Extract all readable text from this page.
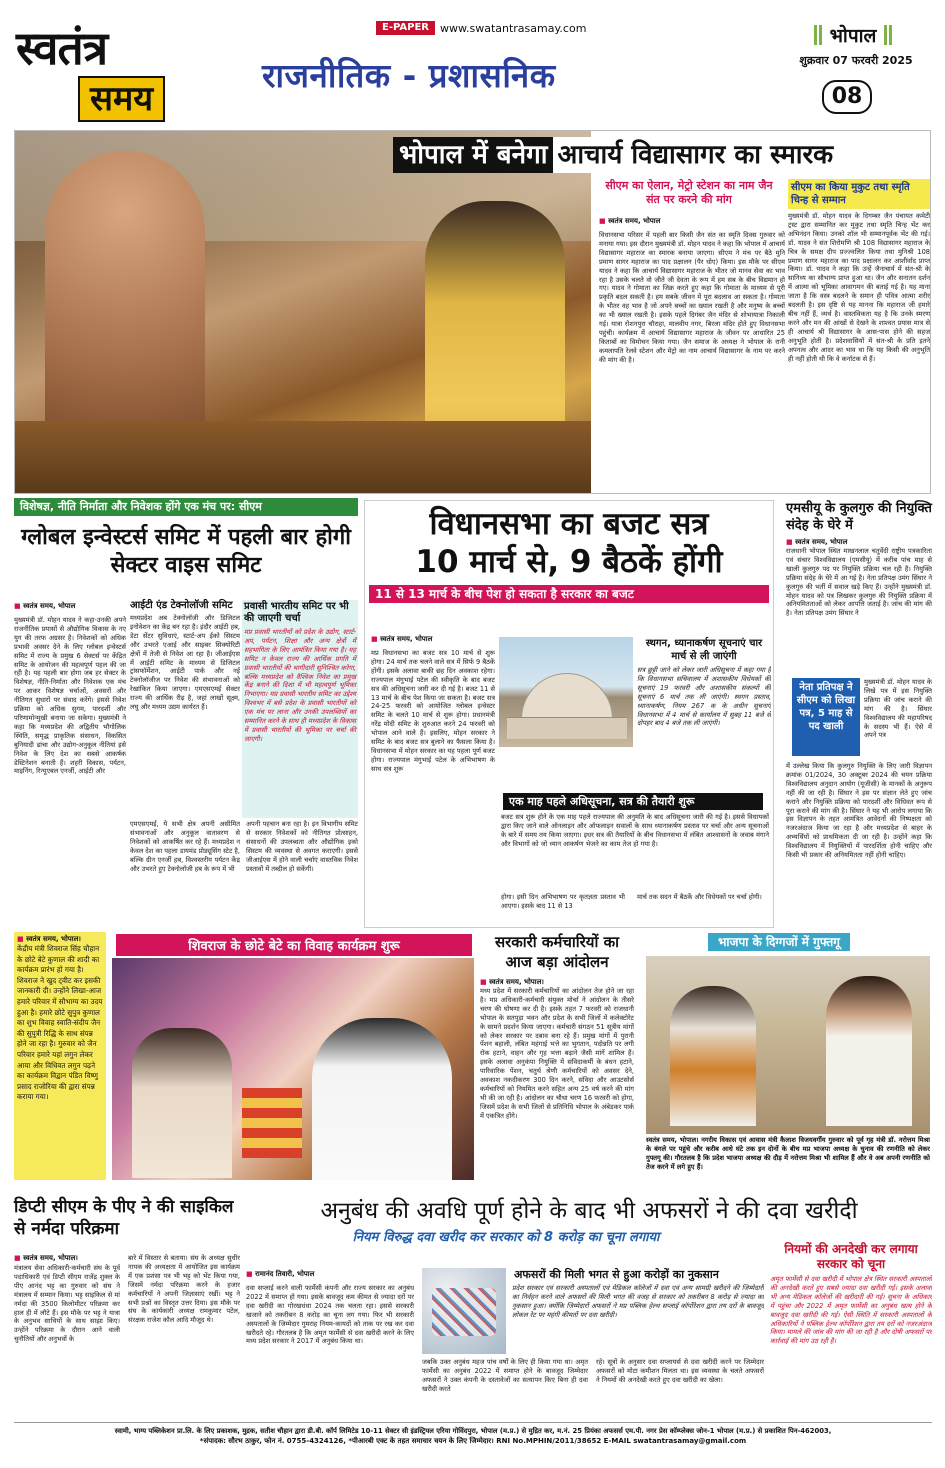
स्वतंत्र
समय
E-PAPER	www.swatantrasamay.com
राजनीतिक - प्रशासनिक
भोपाल
शुक्रवार 07 फरवरी 2025
08
भोपाल में बनेगा आचार्य विद्यासागर का स्मारक
सीएम का ऐलान, मेट्रो स्टेशन का नाम जैन संत पर करने की मांग
■ स्वतंत्र समय, भोपाल
विधानसभा परिसर में पहली बार किसी जैन संत का स्मृति दिवस गुरुवार को मनाया गया। इस दौरान मुख्यमंत्री डॉ. मोहन यादव ने कहा कि भोपाल में आचार्य विद्यासागर महाराज का स्मारक बनाया जाएगा। सीएम ने मंच पर बैठे मुनि प्रमाण सागर महाराज का पाद प्रक्षालन (पैर धोए) किया। इस मौके पर सीएम यादव ने कहा कि आचार्य विद्यासागर महाराज के भीतर जो मानव सेवा का भाव रहा है उसके चलते वो जीते जी देवता के रूप में हम सब के बीच विद्यमान हो गए। यादव ने गोमाता का जिक्र करते हुए कहा कि गोमाता के माध्यम से पूरी प्रकृति बदल सकती है। हम सबके जीवन में पूरा बदलाव आ सकता है। गोमाता के भीतर वह भाव है जो अपने बच्चों का ख्याल रखती है और मनुष्य के बच्चों का भी ख्याल रखती है। इसके पहले दिगंबर जैन मंदिर से शोभायात्रा निकाली गई। यात्रा रोशनपुरा चौराहा, मालवीय नगर, बिरला मंदिर होते हुए विधानसभा पहुंची। कार्यक्रम में आचार्य विद्यासागर महाराज के जीवन पर आधारित 25 किताबों का विमोचन किया गया। जैन समाज के अध्यक्ष ने भोपाल के रानी कमलापति रेलवे स्टेशन और मेट्रो का नाम आचार्य विद्यासागर के नाम पर करने की मांग की है।
सीएम का किया मुकुट तथा स्मृति चिन्ह से सम्मान
मुख्यमंत्री डॉ. मोहन यादव के दिगम्बर जैन पंचायत कमेटी ट्रस्ट द्वारा सम्मानित कर मुकुट तथा स्मृति चिन्ह भेंट कर अभिनंदन किया। उनको शॉल भी सम्मानपूर्वक भेंट की गई। डॉ. यादव ने संत शिरोमणि श्री 108 विद्यासागर महाराज के चित्र के समक्ष दीप प्रज्ज्वलित किया तथा मुनिश्री 108 प्रमाण सागर महाराज का पाद प्रक्षालन कर आशीर्वाद प्राप्त किया। डॉ. यादव ने कहा कि उन्हें जैनाचार्य में संत-श्री के सानिध्य का सौभाग्य प्राप्त हुआ था। जैन और सनातन दर्शन में आत्मा को भूमिका आवागमन की बताई गई है। यह माना जाता है कि वस्त्र बदलने के समान ही पवित्र आत्मा शरीर बदलती है। इस दृष्टि से यह मानना कि महाराज जी हमारे बीच नहीं हैं, व्यर्थ है। वास्तविकता यह है कि उनके स्मरण करने और मन की आंखों से देखने के शाश्वत प्रयास मात्र से ही आचार्य श्री विद्यासागर के आस-पास होने की सहज अनुभूति होती है। प्रदेशवासियों में संत-श्री के प्रति इतने अपनत्व और आदर का भाव था कि यह किसी की अनुभूति ही नहीं होती थी कि वे कर्नाटक से हैं।
विशेषज्ञ, नीति निर्माता और निवेशक होंगे एक मंच पर: सीएम
ग्लोबल इन्वेस्टर्स समिट में पहली बार होगी सेक्टर वाइस समिट
■ स्वतंत्र समय, भोपाल
मुख्यमंत्री डॉ. मोहन यादव ने कहा-उनकी अपने राजनीतिक प्रयासों से औद्योगिक विकास के नए युग की तरफ अग्रसर है। निवेशकों को अधिक प्रभावी अवसर देने के लिए ग्लोबल इन्वेस्टर्स समिट में राज्य के प्रमुख 6 सेक्टर्स पर केंद्रित समिट के आयोजन की महत्वपूर्ण पहल की जा रही है। यह पहली बार होगा जब हर सेक्टर के विशेषज्ञ, नीति-निर्माता और निवेशक एक मंच पर आकर विशेषज्ञ चर्चाओं, अवसरों और नीतिगत सुधारों पर संवाद करेंगे। इससे निवेश प्रक्रिया को अधिक सुगम, पारदर्शी और परिणामोन्मुखी बनाया जा सकेगा। मुख्यमंत्री ने कहा कि मध्यप्रदेश की अद्वितीय भौगोलिक स्थिति, समृद्ध प्राकृतिक संसाधन, विकसित बुनियादी ढांचा और उद्योग-अनुकूल नीतियां इसे निवेश के लिए देश का सबसे आकर्षक डेस्टिनेशन बनाती हैं। शहरी विकास, पर्यटन, माइनिंग, रिन्यूएबल एनर्जी, आईटी और
आईटी एंड टेक्नोलॉजी समिट
मध्यप्रदेश अब टेक्नोलॉजी और डिजिटल इनोवेशन का केंद्र बन रहा है। इंदौर आईटी हब, डेटा सेंटर सुविधाएं, स्टार्ट-अप ईको सिस्टम और उभरते एआई और साइबर सिक्योरिटी क्षेत्रों में तेजी से निवेश आ रहा है। जीआईएस में आईटी समिट के माध्यम से डिजिटल ट्रांसफॉर्मेशन, आईटी पार्क और नई टेक्नोलॉजीज पर निवेश की संभावनाओं को रेखांकित किया जाएगा। एमएसएमई सेक्टर राज्य की आर्थिक रीढ़ है, जहां लाखों सूक्ष्म, लघु और मध्यम उद्यम कार्यरत हैं।
प्रवासी भारतीय समिट पर भी की जाएगी चर्चा
मप्र प्रवासी भारतीयों को प्रदेश के उद्योग, स्टार्ट-अप, पर्यटन, शिक्षा और अन्य क्षेत्रों में सहभागिता के लिए आमंत्रित किया गया है। यह समिट न केवल राज्य की आर्थिक प्रगति में प्रवासी भारतीयों की भागीदारी सुनिश्चित करेगा, बल्कि मध्यप्रदेश को वैश्विक निवेश का प्रमुख केंद्र बनाने की दिशा में भी महत्वपूर्ण भूमिका निभाएगा। मप्र प्रवासी भारतीय समिट का उद्देश्य विश्वभर में बसे प्रदेश के प्रवासी भारतीयों को एक मंच पर लाना और उनकी उपलब्धियों का सम्मानित करने के साथ ही मध्यप्रदेश के विकास में प्रवासी भारतीयों की भूमिका पर चर्चा की जाएगी।
एमएसएमई, ये सभी क्षेत्र अपनी असीमित संभावनाओं और अनुकूल वातावरण से निवेशकों को आकर्षित कर रहे हैं। मध्यप्रदेश न केवल देश का पहला डायमंड प्रोड्यूसिंग स्टेट है, बल्कि ग्रीन एनर्जी हब, विश्वस्तरीय पर्यटन केंद्र और उभरते हुए टेक्नोलॉजी हब के रूप में भी
अपनी पहचान बना रहा है। इन विभागीय समिट से सरकार निवेशकों को नीतिगत प्रोत्साहन, संसाधनों की उपलब्धता और औद्योगिक इको सिस्टम की व्यवस्था से अवगत कराएगी। इससे जीआईएस में होने वाली चर्चाएं वास्तविक निवेश प्रस्तावों में तब्दील हो सकेंगी।
विधानसभा का बजट सत्र
10 मार्च से, 9 बैठकें होंगी
11 से 13 मार्च के बीच पेश हो सकता है सरकार का बजट
■ स्वतंत्र समय, भोपाल
मप्र विधानसभा का बजट सत्र 10 मार्च से शुरू होगा। 24 मार्च तक चलने वाले सत्र में सिर्फ 9 बैठकें होंगी। इसके अलावा बाकी छह दिन अवकाश रहेगा। राज्यपाल मंगुभाई पटेल की स्वीकृति के बाद बजट सत्र की अधिसूचना जारी कर दी गई है। बजट 11 से 13 मार्च के बीच पेश किया जा सकता है। बजट सत्र 24-25 फरवरी को आयोजित ग्लोबल इन्वेस्टर समिट के चलते 10 मार्च से शुरू होगा। प्रधानमंत्री नरेंद्र मोदी समिट के शुरुआत करने 24 फरवरी को भोपाल आने वाले हैं। इसलिए, मोहन सरकार ने समिट के बाद बजट सत्र बुलाने का फैसला किया है। विधानसभा में मोहन सरकार का यह पहला पूर्ण बजट होगा। राज्यपाल मंगुभाई पटेल के अभिभाषण के साथ सत्र शुरू
स्थगन, ध्यानाकर्षण सूचनाएं चार मार्च से ली जाएंगी
सत्र छुट्टी जाने को लेकर जारी अधिसूचना में कहा गया है कि विधानसभा सचिवालय में अशासकीय विधेयकों की सूचनाएं 19 फरवरी और अशासकीय संकल्पों की सूचनाएं 6 मार्च तक ली जाएंगी। स्थगन प्रस्ताव, ध्यानाकर्षण, नियम 267 क के अधीन सूचनाएं विधानसभा में 4 मार्च से कार्यालय में सुबह 11 बजे से दोपहर बाद 4 बजे तक ली जाएंगी।
एक माह पहले अधिसूचना, सत्र की तैयारी शुरू
बजट सत्र शुरू होने के एक माह पहले राज्यपाल की अनुमति के बाद अधिसूचना जारी की गई है। इससे विधायकों द्वारा किए जाने वाले ऑनलाइन और ऑफलाइन सवालों के साथ ध्यानाकर्षण प्रस्ताव पर चर्चा और अन्य सूचनाओं के बारे में समय तय किया जाएगा। इधर सत्र की तैयारियों के बीच विधानसभा में लंबित आश्वासनों के जवाब मंगाने और विभागों को जो ध्यान आकर्षण भेजने का काम तेज हो गया है।
होगा। इसी दिन अभिभाषण पर कृतज्ञता प्रस्ताव भी आएगा। इसके बाद 11 से 13
मार्च तक सदन में बैठकें और विधेयकों पर चर्चा होगी।
एमसीयू के कुलगुरु की नियुक्ति संदेह के घेरे में
■ स्वतंत्र समय, भोपाल
राजधानी भोपाल स्थित माखनलाल चतुर्वेदी राष्ट्रीय पत्रकारिता एवं संचार विश्वविद्यालय (एमसीयू) में करीब पांच माह से खाली कुलगुरु पद पर नियुक्ति प्रक्रिया चल रही है। नियुक्ति प्रक्रिया संदेह के घेरे में आ गई है। नेता प्रतिपक्ष उमंग सिंघार ने कुलगुरु की भर्ती में सवाल खड़े किए हैं। उन्होंने मुख्यमंत्री डॉ. मोहन यादव को पत्र लिखकर कुलगुरु की नियुक्ति प्रक्रिया में अनियमितताओं को लेकर आपत्ति जताई है। जांच की मांग की है। नेता प्रतिपक्ष उमंग सिंघार ने
नेता प्रतिपक्ष ने सीएम को लिखा पत्र, 5 माह से पद खाली
मुख्यमंत्री डॉ. मोहन यादव के लिखे पत्र में इस नियुक्ति प्रक्रिया की जांच कराने की मांग की है। सिंघार विश्वविद्यालय की महापरिषद के सदस्य भी हैं। ऐसे में अपने पत्र
में उल्लेख किया कि कुलगुरु नियुक्ति के लिए जारी विज्ञापन क्रमांक 01/2024, 30 अक्टूबर 2024 की चयन प्रक्रिया विश्वविद्यालय अनुदान आयोग (यूजीसी) के मानकों के अनुरूप नहीं की जा रही है। सिंघार ने इस पर संज्ञान लेते हुए जांच कराने और नियुक्ति प्रक्रिया को पारदर्शी और विधिवत रूप से पूरा कराने की मांग की है। सिंघार ने यह भी आरोप लगाया कि इस विज्ञापन के तहत आमंत्रित आवेदनों की निष्पक्षता को नजरअंदाज किया जा रहा है और मध्यप्रदेश से बाहर के अभ्यर्थियों को प्राथमिकता दी जा रही है। उन्होंने कहा कि विश्वविद्यालय में नियुक्तियों में पारदर्शिता होनी चाहिए और किसी भी प्रकार की अनियमितता नहीं होनी चाहिए।
■ स्वतंत्र समय, भोपाल।
केंद्रीय मंत्री शिवराज सिंह चौहान के छोटे बेटे कुणाल की शादी का कार्यक्रम प्रारंभ हो गया है। शिवराज ने खुद ट्वीट कर इसकी जानकारी दी। उन्होंने लिखा-आज हमारे परिवार में सौभाग्य का उदय हुआ है। हमारे छोटे सुपुत्र कुणाल का शुभ विवाह स्वाति-संदीप जैन की सुपुत्री रिद्धि के साथ संपन्न होने जा रहा है। गुरुवार को जैन परिवार हमारे यहां लगुन लेकर आया और विधिवत लगुन पढ़ने का कार्यक्रम विद्वान पंडित विष्णु प्रसाद राजोरिया की द्वारा संपन्न कराया गया।
शिवराज के छोटे बेटे का विवाह कार्यक्रम शुरू	सरकारी कर्मचारियों का आज बड़ा आंदोलन
■ स्वतंत्र समय, भोपाल।
मध्य प्रदेश में सरकारी कर्मचारियों का आंदोलन तेज होने जा रहा है। मप्र अधिकारी-कर्मचारी संयुक्त मोर्चा ने आंदोलन के तीसरे चरण की घोषणा कर दी है। इसके तहत 7 फरवरी को राजधानी भोपाल के सतपुड़ा भवन और प्रदेश के सभी जिलों में कलेक्टोरेट के सामने प्रदर्शन किया जाएगा। कर्मचारी संगठन 51 सूत्रीय मांगों को लेकर सरकार पर दबाव बना रहे हैं। प्रमुख मांगों में पुरानी पेंशन बहाली, लंबित महंगाई भत्ते का भुगतान, पदोन्नति पर लगी रोक हटाने, वाहन और गृह भत्ता बढ़ाने जैसी मांगें शामिल हैं। इसके अलावा अनुकंपा नियुक्ति में संविदाकर्मी के बंधन हटाने, पारिवारिक पेंशन, चतुर्थ श्रेणी कर्मचारियों को अवसर देने, अवकाश नकदीकरण 300 दिन करने, संविदा और आउटसोर्स कर्मचारियों को नियमित करने सहित अन्य 25 वर्ष करने की मांग भी की जा रही है। आंदोलन का चौथा चरण 16 फरवरी को होगा, जिसमें प्रदेश के सभी जिलों से प्रतिनिधि भोपाल के अंबेडकर पार्क में एकत्रित होंगे।
भाजपा के दिग्गजों में गुफ्तगू
स्वतंत्र समय, भोपाल। नगरीय विकास एवं आवास मंत्री कैलाश विजयवर्गीय गुरुवार को पूर्व गृह मंत्री डॉ. नरोत्तम मिश्रा के बंगले पर पहुंचे और करीब आधे घंटे तक इन दोनों के बीच मप्र भाजपा अध्यक्ष के चुनाव की रणनीति को लेकर गुफ्तगू की। गौरतलब है कि प्रदेश भाजपा अध्यक्ष की दौड़ में नरोत्तम मिश्रा भी शामिल हैं और वे अब अपनी रणनीति को तेज करने में लगे हुए हैं।
डिप्टी सीएम के पीए ने की साइकिल से नर्मदा परिक्रमा
■ स्वतंत्र समय, भोपाल।
मंत्रालय सेवा अधिकारी-कर्मचारी संघ के पूर्व पदाधिकारी एवं डिप्टी सीएम राजेंद्र शुक्ल के पीए आनंद भट्ट का गुरुवार को संघ ने मंत्रालय में सम्मान किया। भट्ट साइकिल से मां नर्मदा की 3500 किलोमीटर परिक्रमा कर हाल ही में लौटे हैं। इस मौके पर भट्ट ने यात्रा के अनुभव साथियों के साथ साझा किए। उन्होंने परिक्रमा के दौरान आने वाली चुनौतियों और अनुभवों के
बारे में विस्तार से बताया। संघ के अध्यक्ष सुधीर नायक की अध्यक्षता में आयोजित इस कार्यक्रम में एक प्रशंसा पत्र भी भट्ट को भेंट किया गया, जिसमें नर्मदा परिक्रमा करने के हजार कर्मचारियों ने अपनी जिज्ञासाएं रखीं। भट्ट ने सभी प्रश्नों का विस्तृत उत्तर दिया। इस मौके पर संघ के कार्यकारी अध्यक्ष रामकुमार पटेल, संरक्षक राजेश कौल आदि मौजूद थे।
अनुबंध की अवधि पूर्ण होने के बाद भी अफसरों ने की दवा खरीदी
नियम विरुद्ध दवा खरीद कर सरकार को 8 करोड़ का चूना लगाया
■ रामानंद तिवारी, भोपाल
दवा सप्लाई करने वाली फार्मेसी कंपनी और राज्य सरकार का अनुबंध 2022 में समाप्त हो गया। इसके बावजूद कम कीमत से ज्यादा दरों पर दवा खरीदी का गोरखधंधा 2024 तक चलता रहा। इससे सरकारी खजाने को तकरीबन 8 करोड़ का चूना लग गया। फिर भी सरकारी अस्पतालों के जिम्मेदार गुमराह नियम-कायदों को ताक पर रख कर दवा खरीदते रहे। गौरतलब है कि अमृत फार्मेसी से दवा खरीदी करने के लिए मध्य प्रदेश सरकार ने 2017 में अनुबंध किया था।
अफसरों की मिली भगत से हुआ करोड़ों का नुकसान
प्रदेश सरकार एवं सरकारी अस्पतालों एवं मेडिकल कॉलेजों में दवा एवं अन्य सामग्री खरीदने की जिम्मेदारी का निर्वहन करने वाले अफसरों की मिली भगत की वजह से सरकार को तकरीबन 8 करोड़ से ज्यादा का नुकसान हुआ। क्योंकि जिम्मेदारों अफसरों ने मप्र पब्लिक हेल्थ सप्लाई कॉर्पोरेशन द्वारा तय दरों के बावजूद लोकल रेट पर महंगी कीमतों पर दवा खरीदी।
जबकि उक्त अनुबंध महज पांच वर्षों के लिए ही किया गया था। अमृत फार्मेसी का अनुबंध 2022 में समाप्त होने के बावजूद जिम्मेदार अफसरों ने उक्त कंपनी के दस्तावेजों का सत्यापन किए बिना ही दवा खरीदी करते
रहे। सूत्रों के अनुसार दवा सप्लायर्स से दवा खरीदी करने पर जिम्मेदार अफसरों को मोटा कमीशन मिलता था। इस व्यवस्था के चलते अफसरों ने नियमों की अनदेखी करते हुए दवा खरीदी का खेला।
नियमों की अनदेखी कर लगाया सरकार को चूना
अमृत फार्मेसी से दवा खरीदी में भोपाल क्षेत्र स्थित सरकारी अस्पतालों की अनदेखी करते हुए सबसे ज्यादा दवा खरीदी गई। इसके अलावा भी अन्य मेडिकल कॉलेजों की खरीदारी की गई। सूचना के अधिकार में पहुंचा और 2022 में अमृत फार्मेसी का अनुबंध खत्म होने के बावजूद दवा खरीदी की गई। ऐसी स्थिति में सरकारी अस्पतालों के अधिकारियों ने पब्लिक हेल्थ कॉर्पोरेशन द्वारा तय दरों को नजरअंदाज किया। मामले की जांच की मांग की जा रही है और दोषी अफसरों पर कार्रवाई की मांग उठ रही है।
स्वामी, भाग्य पब्लिकेशन प्रा.लि. के लिए प्रकाशक, मुद्रक, सतीश चौहान द्वारा डी.बी. कॉर्प लिमिटेड 10-11 सेक्टर सी इंडस्ट्रियल एरिया गोविंदपुरा, भोपाल (म.प्र.) से मुद्रित कर, म.नं. 25 प्रियंका अफसर्स एम.पी. नगर प्रेस कॉम्प्लेक्स जोन-1 भोपाल (म.प्र.) से प्रकाशित पिन-462003,
*संपादक: सौरभ ठाकुर, फोन नं. 0755-4324126, *पीआरबी एक्ट के तहत समाचार चयन के लिए जिम्मेदार। RNI No.MPHIN/2011/38652 E-MAIL swatantrasamay@gmail.com
